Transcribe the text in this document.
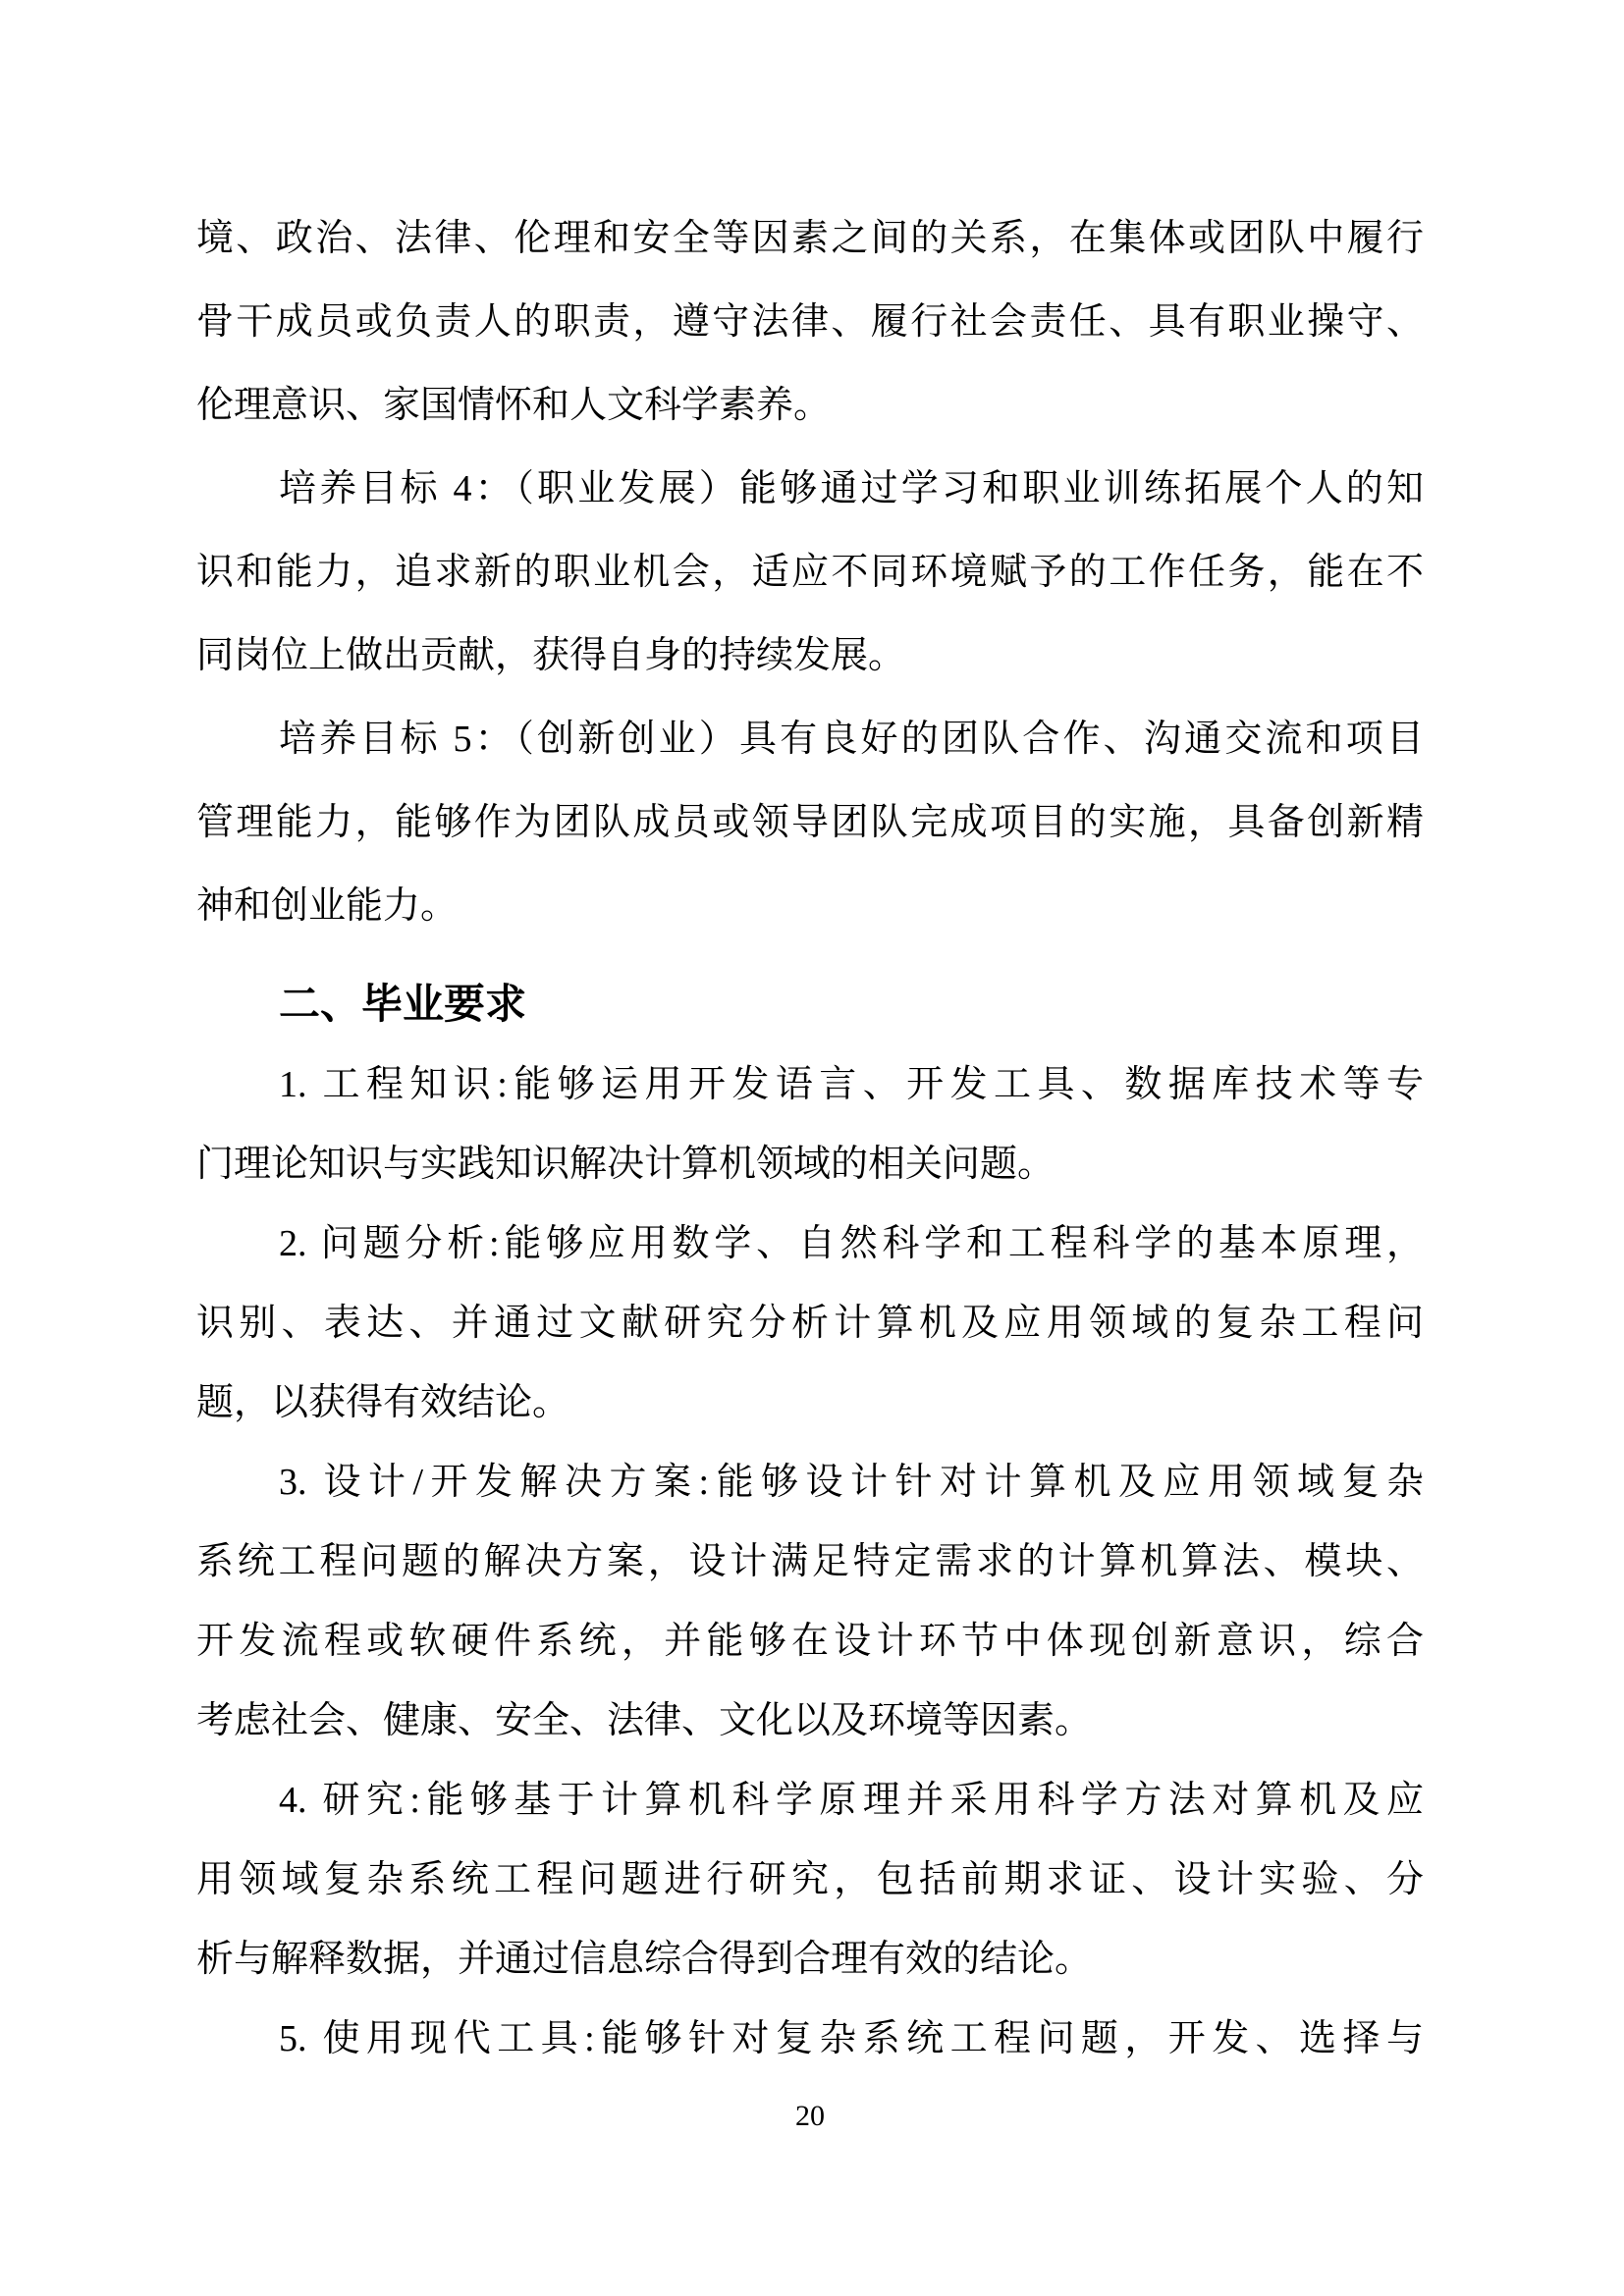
境、政治、法律、伦理和安全等因素之间的关系，在集体或团队中履行
骨干成员或负责人的职责，遵守法律、履行社会责任、具有职业操守、
伦理意识、家国情怀和人文科学素养。
培养目标 4：（职业发展）能够通过学习和职业训练拓展个人的知
识和能力，追求新的职业机会，适应不同环境赋予的工作任务，能在不
同岗位上做出贡献，获得自身的持续发展。
培养目标 5：（创新创业）具有良好的团队合作、沟通交流和项目
管理能力，能够作为团队成员或领导团队完成项目的实施，具备创新精
神和创业能力。
二、毕业要求
1. 工程知识:能够运用开发语言、开发工具、数据库技术等专
门理论知识与实践知识解决计算机领域的相关问题。
2. 问题分析:能够应用数学、自然科学和工程科学的基本原理，
识别、表达、并通过文献研究分析计算机及应用领域的复杂工程问
题，以获得有效结论。
3. 设计/开发解决方案:能够设计针对计算机及应用领域复杂
系统工程问题的解决方案，设计满足特定需求的计算机算法、模块、
开发流程或软硬件系统，并能够在设计环节中体现创新意识，综合
考虑社会、健康、安全、法律、文化以及环境等因素。
4. 研究:能够基于计算机科学原理并采用科学方法对算机及应
用领域复杂系统工程问题进行研究，包括前期求证、设计实验、分
析与解释数据，并通过信息综合得到合理有效的结论。
5. 使用现代工具:能够针对复杂系统工程问题，开发、选择与
20
